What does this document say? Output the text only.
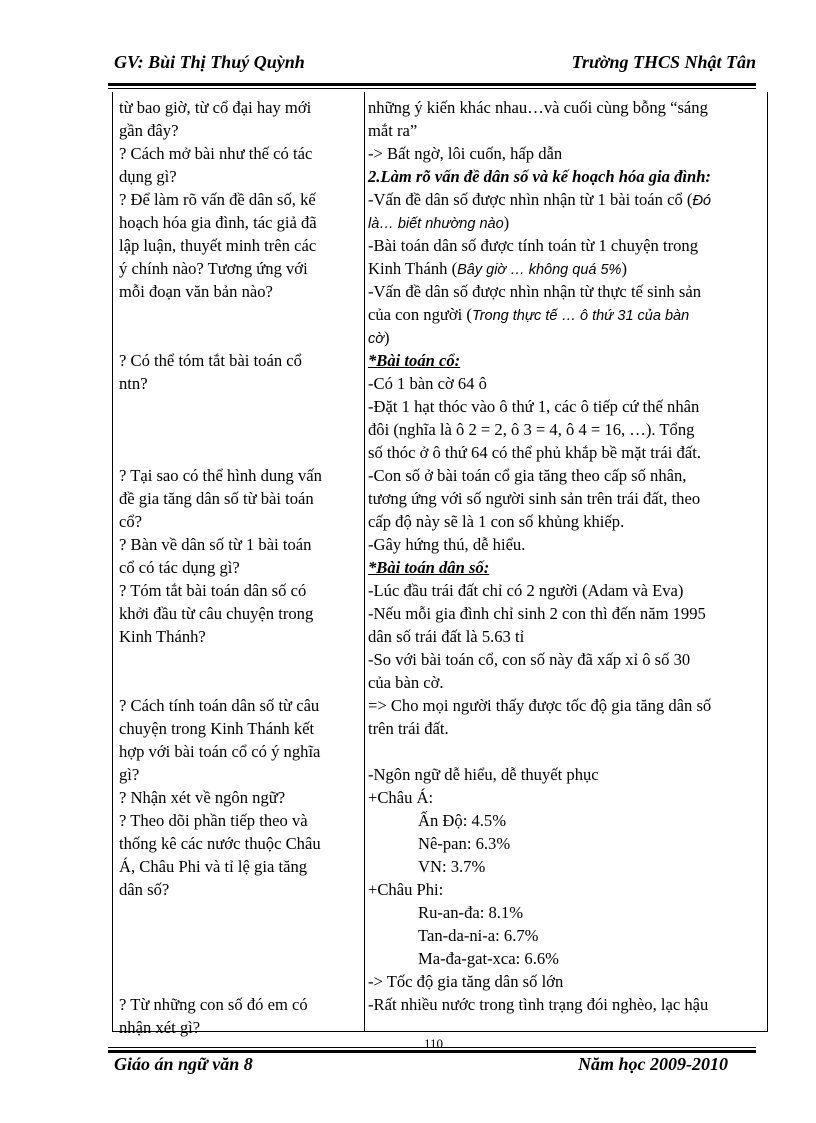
GV: Bùi Thị Thuý Quỳnh	Trường THCS Nhật Tân
từ bao giờ, từ cổ đại hay mới
gần đây?
? Cách mở bài như thế có tác
dụng gì?
? Để làm rõ vấn đề dân số, kế
hoạch hóa gia đình, tác giả đã
lập luận, thuyết minh trên các
ý chính nào? Tương ứng với
mỗi đoạn văn bản nào?
? Có thể tóm tắt bài toán cổ
ntn?
? Tại sao có thể hình dung vấn
đề gia tăng dân số từ bài toán
cổ?
? Bàn về dân số từ 1 bài toán
cổ có tác dụng gì?
? Tóm tắt bài toán dân số có
khởi đầu từ câu chuyện trong
Kinh Thánh?
? Cách tính toán dân số từ câu
chuyện trong Kinh Thánh kết
hợp với bài toán cổ có ý nghĩa
gì?
? Nhận xét về ngôn ngữ?
? Theo dõi phần tiếp theo và
thống kê các nước thuộc Châu
Á, Châu Phi và tỉ lệ gia tăng
dân số?
? Từ những con số đó em có
nhận xét gì?
những ý kiến khác nhau…và cuối cùng bỗng “sáng
mắt ra”
-> Bất ngờ, lôi cuốn, hấp dẫn
2.Làm rõ vấn đề dân số và kế hoạch hóa gia đình:
-Vấn đề dân số được nhìn nhận từ 1 bài toán cổ (Đó
là… biết nhường nào)
-Bài toán dân số được tính toán từ 1 chuyện trong
Kinh Thánh (Bây giờ … không quá 5%)
-Vấn đề dân số được nhìn nhận từ thực tế sinh sản
của con người (Trong thực tế … ô thứ 31 của bàn
cờ)
*Bài toán cổ:
-Có 1 bàn cờ 64 ô
-Đặt 1 hạt thóc vào ô thứ 1, các ô tiếp cứ thế nhân
đôi (nghĩa là ô 2 = 2, ô 3 = 4, ô 4 = 16, …). Tổng
số thóc ở ô thứ 64 có thể phủ khắp bề mặt trái đất.
-Con số ở bài toán cổ gia tăng theo cấp số nhân,
tương ứng với số người sinh sản trên trái đất, theo
cấp độ này sẽ là 1 con số khủng khiếp.
-Gây hứng thú, dễ hiểu.
*Bài toán dân số:
-Lúc đầu trái đất chỉ có 2 người (Adam và Eva)
-Nếu mỗi gia đình chỉ sinh 2 con thì đến năm 1995
dân số trái đất là 5.63 tỉ
-So với bài toán cổ, con số này đã xấp xỉ ô số 30
của bàn cờ.
=> Cho mọi người thấy được tốc độ gia tăng dân số
trên trái đất.
-Ngôn ngữ dễ hiểu, dễ thuyết phục
+Châu Á:
Ấn Độ: 4.5%
Nê-pan: 6.3%
VN: 3.7%
+Châu Phi:
Ru-an-đa: 8.1%
Tan-da-ni-a: 6.7%
Ma-đa-gat-xca: 6.6%
-> Tốc độ gia tăng dân số lớn
-Rất nhiều nước trong tình trạng đói nghèo, lạc hậu
110
Giáo án ngữ văn 8	Năm học 2009-2010
